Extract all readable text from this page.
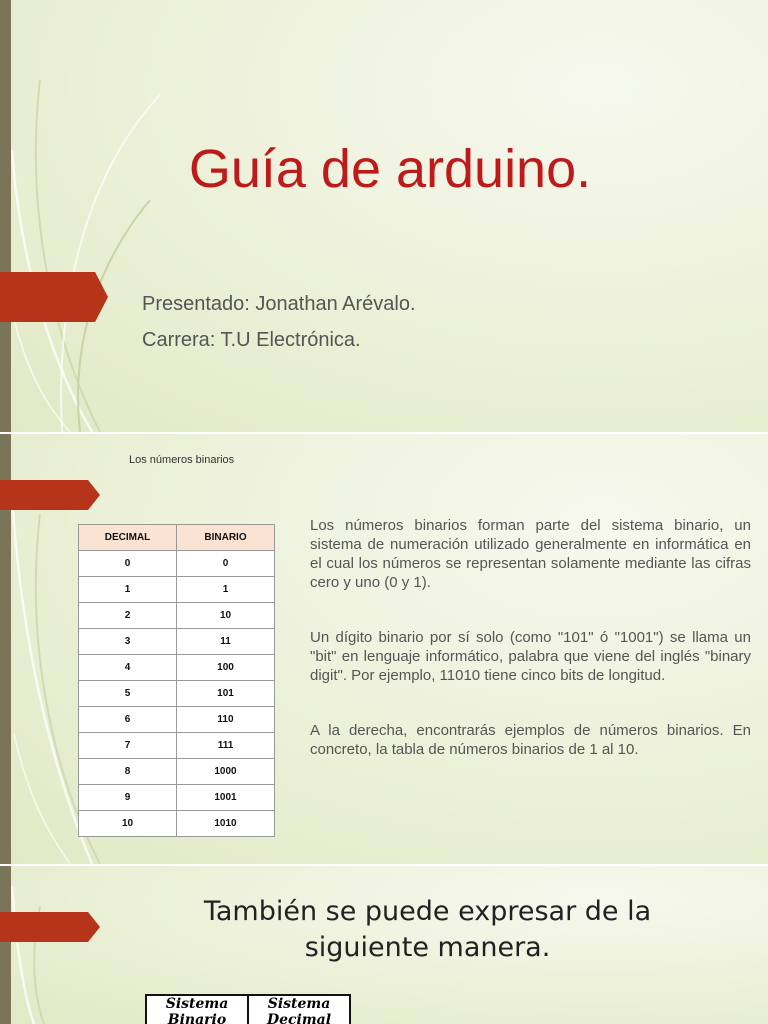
Guía de arduino.
Presentado: Jonathan Arévalo.
Carrera: T.U Electrónica.
Los números binarios
DECIMAL	BINARIO
0	0
1	1
2	10
3	11
4	100
5	101
6	110
7	111
8	1000
9	1001
10	1010
Los números binarios forman parte del sistema binario, un sistema de numeración utilizado generalmente en informática en el cual los números se representan solamente mediante las cifras cero y uno (0 y 1).
Un dígito binario por sí solo (como "101" ó "1001") se llama un "bit" en lenguaje informático, palabra que viene del inglés "binary digit". Por ejemplo, 11010 tiene cinco bits de longitud.
A la derecha, encontrarás ejemplos de números binarios. En concreto, la tabla de números binarios de 1 al 10.
También se puede expresar de la siguiente manera.
Sistema Binario	Sistema Decimal
